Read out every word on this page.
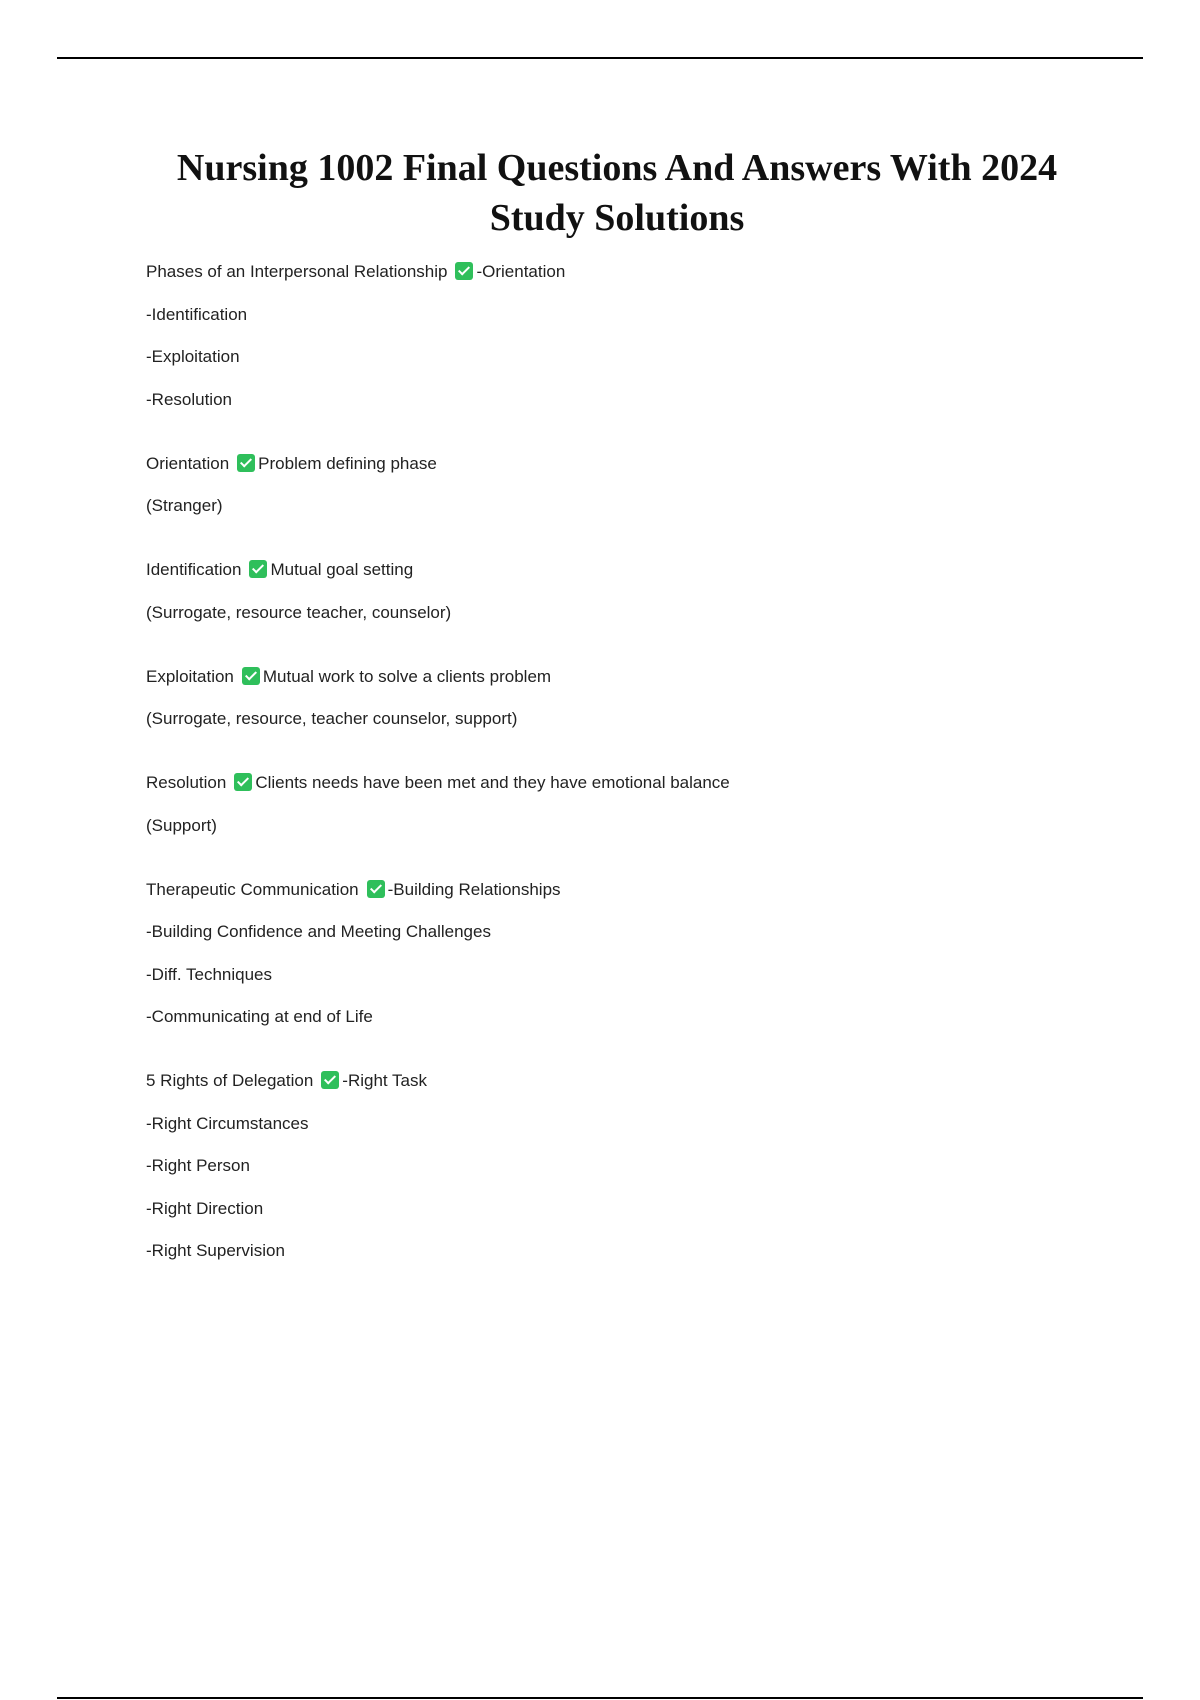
Nursing 1002 Final Questions And Answers With 2024
Study Solutions
Phases of an Interpersonal Relationship -Orientation
-Identification
-Exploitation
-Resolution
Orientation Problem defining phase
(Stranger)
Identification Mutual goal setting
(Surrogate, resource teacher, counselor)
Exploitation Mutual work to solve a clients problem
(Surrogate, resource, teacher counselor, support)
Resolution Clients needs have been met and they have emotional balance
(Support)
Therapeutic Communication -Building Relationships
-Building Confidence and Meeting Challenges
-Diff. Techniques
-Communicating at end of Life
5 Rights of Delegation -Right Task
-Right Circumstances
-Right Person
-Right Direction
-Right Supervision
